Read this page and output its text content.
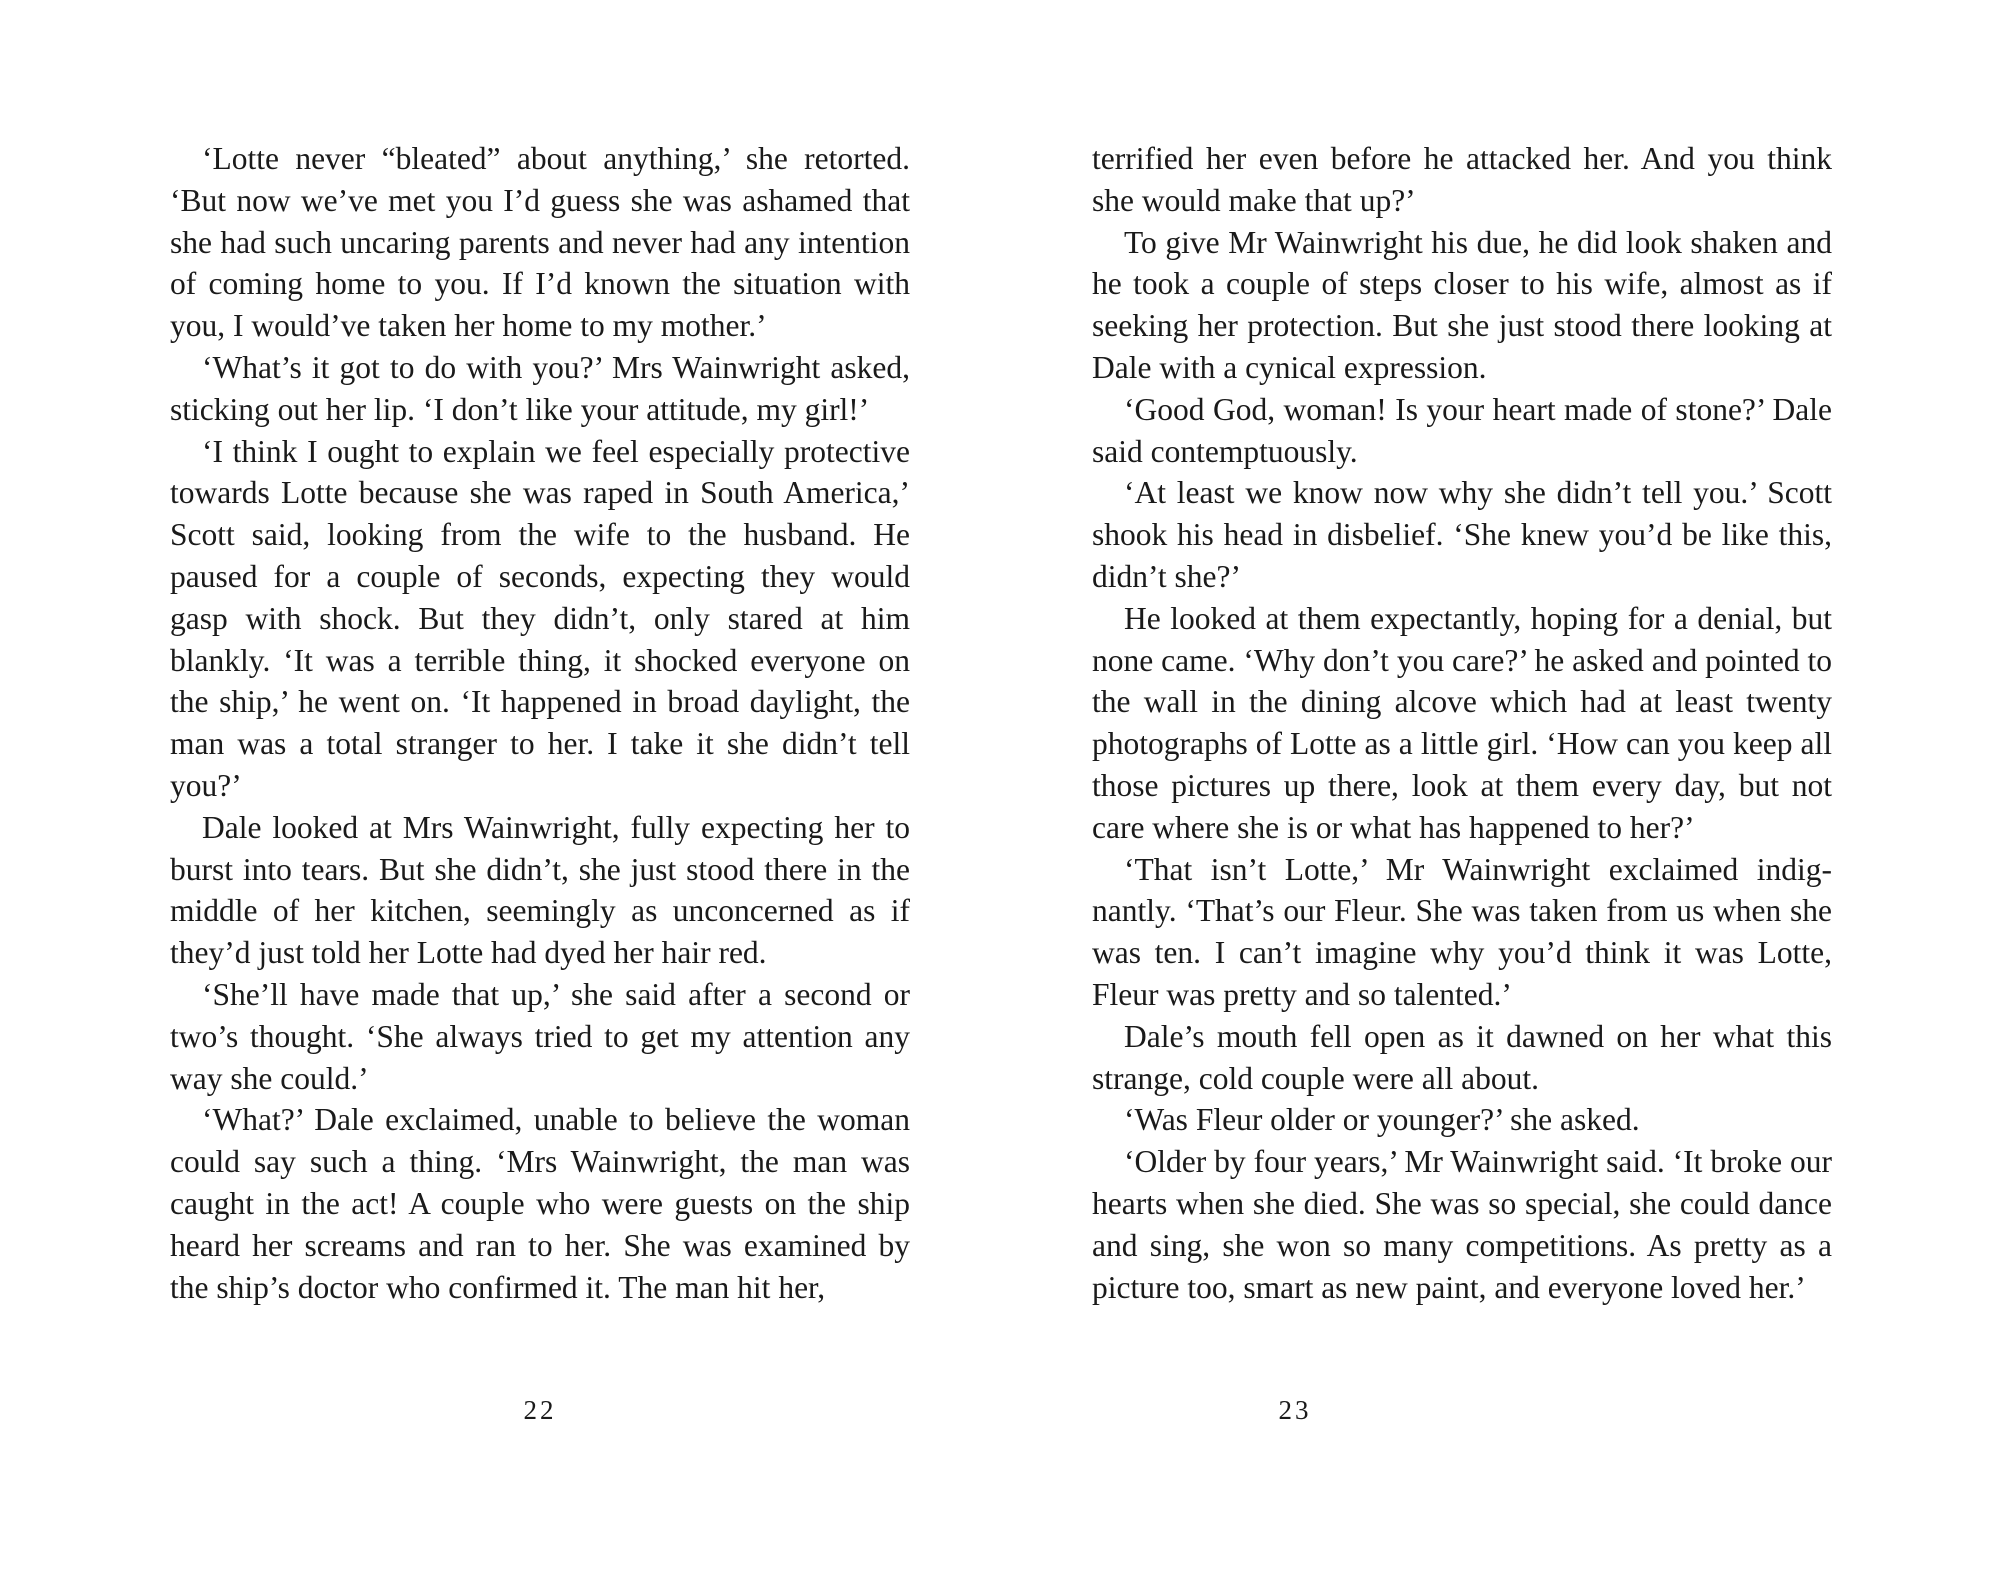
‘Lotte never “bleated” about anything,’ she retorted. ‘But now we’ve met you I’d guess she was ashamed that she had such uncaring parents and never had any intention of coming home to you. If I’d known the situation with you, I would’ve taken her home to my mother.’

‘What’s it got to do with you?’ Mrs Wainwright asked, sticking out her lip. ‘I don’t like your attitude, my girl!’

‘I think I ought to explain we feel especially protective towards Lotte because she was raped in South America,’ Scott said, looking from the wife to the husband. He paused for a couple of seconds, expecting they would gasp with shock. But they didn’t, only stared at him blankly. ‘It was a terrible thing, it shocked everyone on the ship,’ he went on. ‘It happened in broad daylight, the man was a total stranger to her. I take it she didn’t tell you?’

Dale looked at Mrs Wainwright, fully expecting her to burst into tears. But she didn’t, she just stood there in the middle of her kitchen, seemingly as unconcerned as if they’d just told her Lotte had dyed her hair red.

‘She’ll have made that up,’ she said after a second or two’s thought. ‘She always tried to get my attention any way she could.’

‘What?’ Dale exclaimed, unable to believe the woman could say such a thing. ‘Mrs Wainwright, the man was caught in the act! A couple who were guests on the ship heard her screams and ran to her. She was examined by the ship’s doctor who confirmed it. The man hit her,

22

terrified her even before he attacked her. And you think she would make that up?’

To give Mr Wainwright his due, he did look shaken and he took a couple of steps closer to his wife, almost as if seeking her protection. But she just stood there looking at Dale with a cynical expression.

‘Good God, woman! Is your heart made of stone?’ Dale said contemptuously.

‘At least we know now why she didn’t tell you.’ Scott shook his head in disbelief. ‘She knew you’d be like this, didn’t she?’

He looked at them expectantly, hoping for a denial, but none came. ‘Why don’t you care?’ he asked and pointed to the wall in the dining alcove which had at least twenty photographs of Lotte as a little girl. ‘How can you keep all those pictures up there, look at them every day, but not care where she is or what has happened to her?’

‘That isn’t Lotte,’ Mr Wainwright exclaimed indignantly. ‘That’s our Fleur. She was taken from us when she was ten. I can’t imagine why you’d think it was Lotte, Fleur was pretty and so talented.’

Dale’s mouth fell open as it dawned on her what this strange, cold couple were all about.

‘Was Fleur older or younger?’ she asked.

‘Older by four years,’ Mr Wainwright said. ‘It broke our hearts when she died. She was so special, she could dance and sing, she won so many competitions. As pretty as a picture too, smart as new paint, and everyone loved her.’

23
